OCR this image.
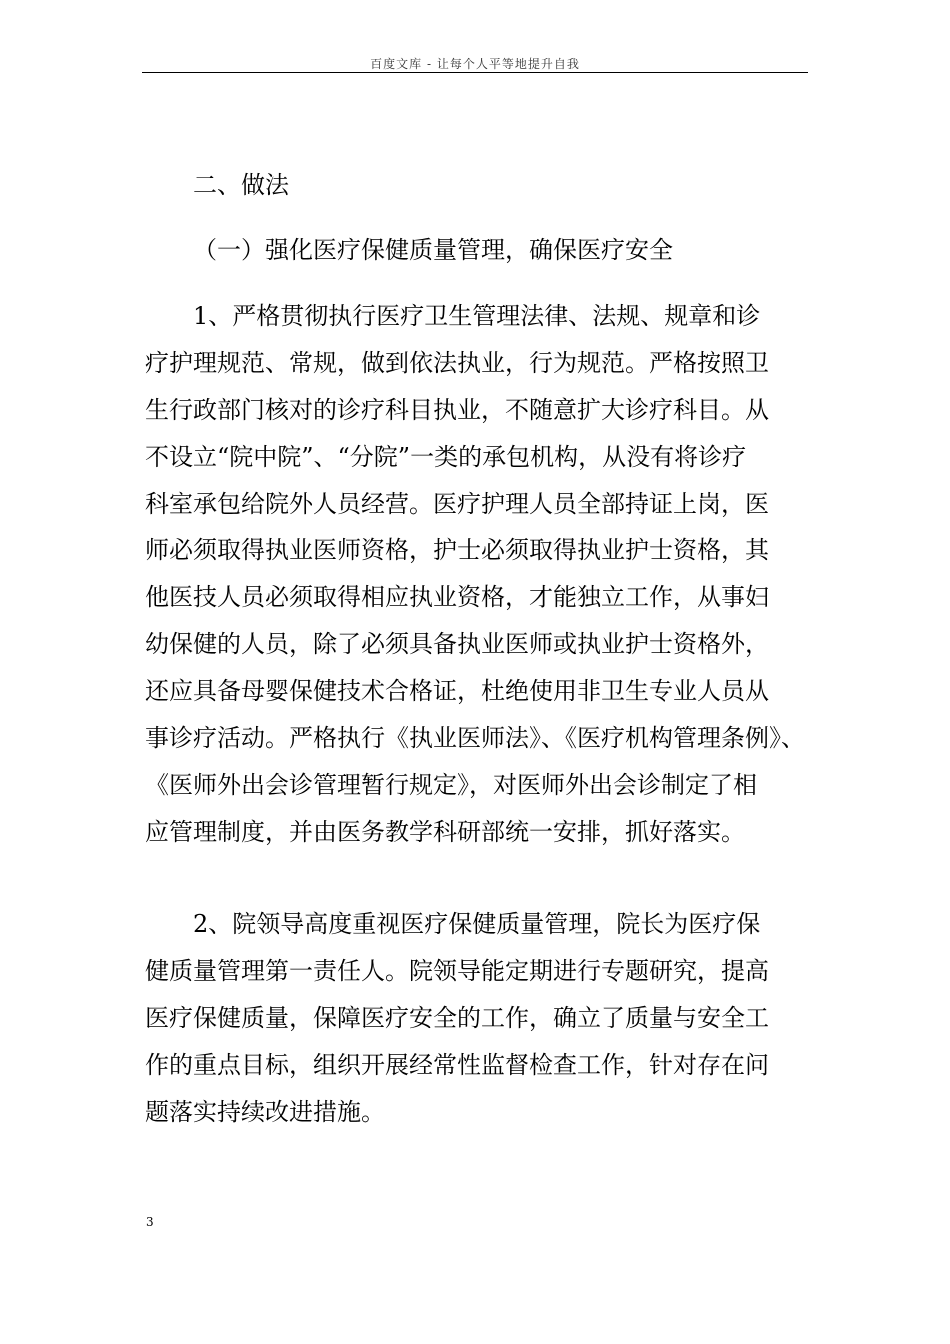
百度文库 - 让每个人平等地提升自我
二、做法
（一）强化医疗保健质量管理，确保医疗安全
1、严格贯彻执行医疗卫生管理法律、法规、规章和诊
疗护理规范、常规，做到依法执业，行为规范。严格按照卫
生行政部门核对的诊疗科目执业，不随意扩大诊疗科目。从
不设立“院中院”、“分院”一类的承包机构，从没有将诊疗
科室承包给院外人员经营。医疗护理人员全部持证上岗，医
师必须取得执业医师资格，护士必须取得执业护士资格，其
他医技人员必须取得相应执业资格，才能独立工作，从事妇
幼保健的人员，除了必须具备执业医师或执业护士资格外，
还应具备母婴保健技术合格证，杜绝使用非卫生专业人员从
事诊疗活动。严格执行《执业医师法》、《医疗机构管理条例》、
《医师外出会诊管理暂行规定》，对医师外出会诊制定了相
应管理制度，并由医务教学科研部统一安排，抓好落实。
2、院领导高度重视医疗保健质量管理，院长为医疗保
健质量管理第一责任人。院领导能定期进行专题研究，提高
医疗保健质量，保障医疗安全的工作，确立了质量与安全工
作的重点目标，组织开展经常性监督检查工作，针对存在问
题落实持续改进措施。
3
